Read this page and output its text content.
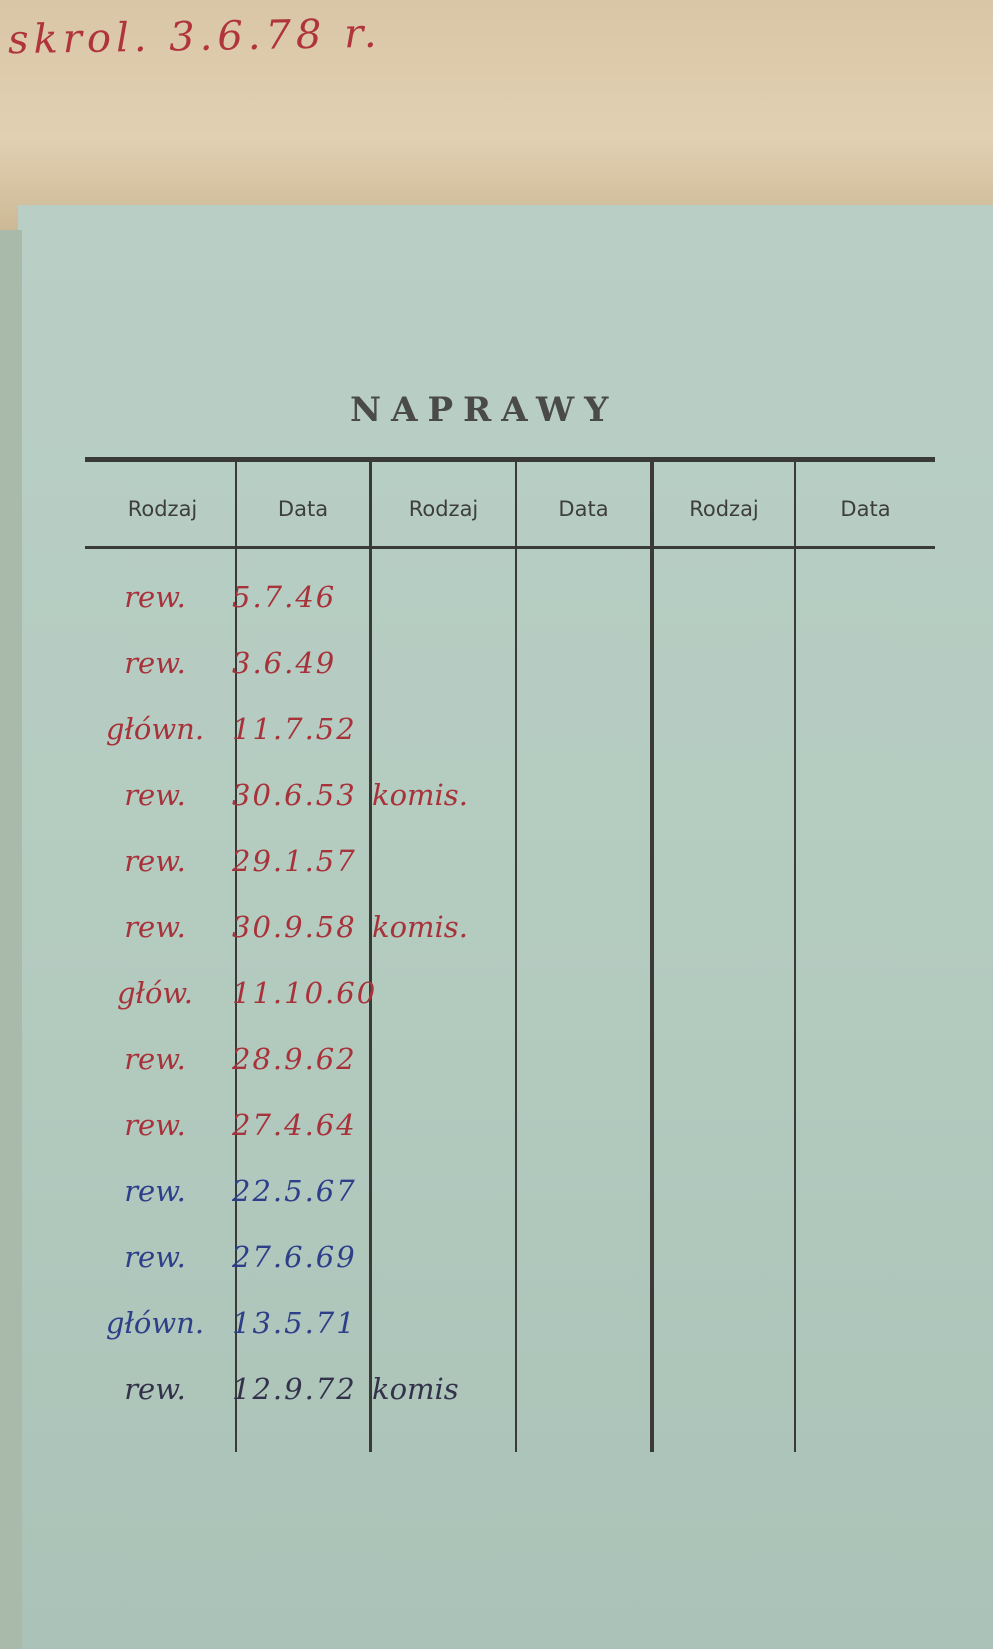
skrol. 3.6.78 r.
NAPRAWY
Rodzaj	Data	Rodzaj	Data	Rodzaj	Data
rew.	5.7.46
rew.	3.6.49
główn. 11.7.52
rew.	30.6.53 komis.
rew.	29.1.57
rew.	30.9.58 komis.
głów.	11.10.60
rew.	28.9.62
rew.	27.4.64
rew.	22.5.67
rew.	27.6.69
główn. 13.5.71
rew.	12.9.72 komis
